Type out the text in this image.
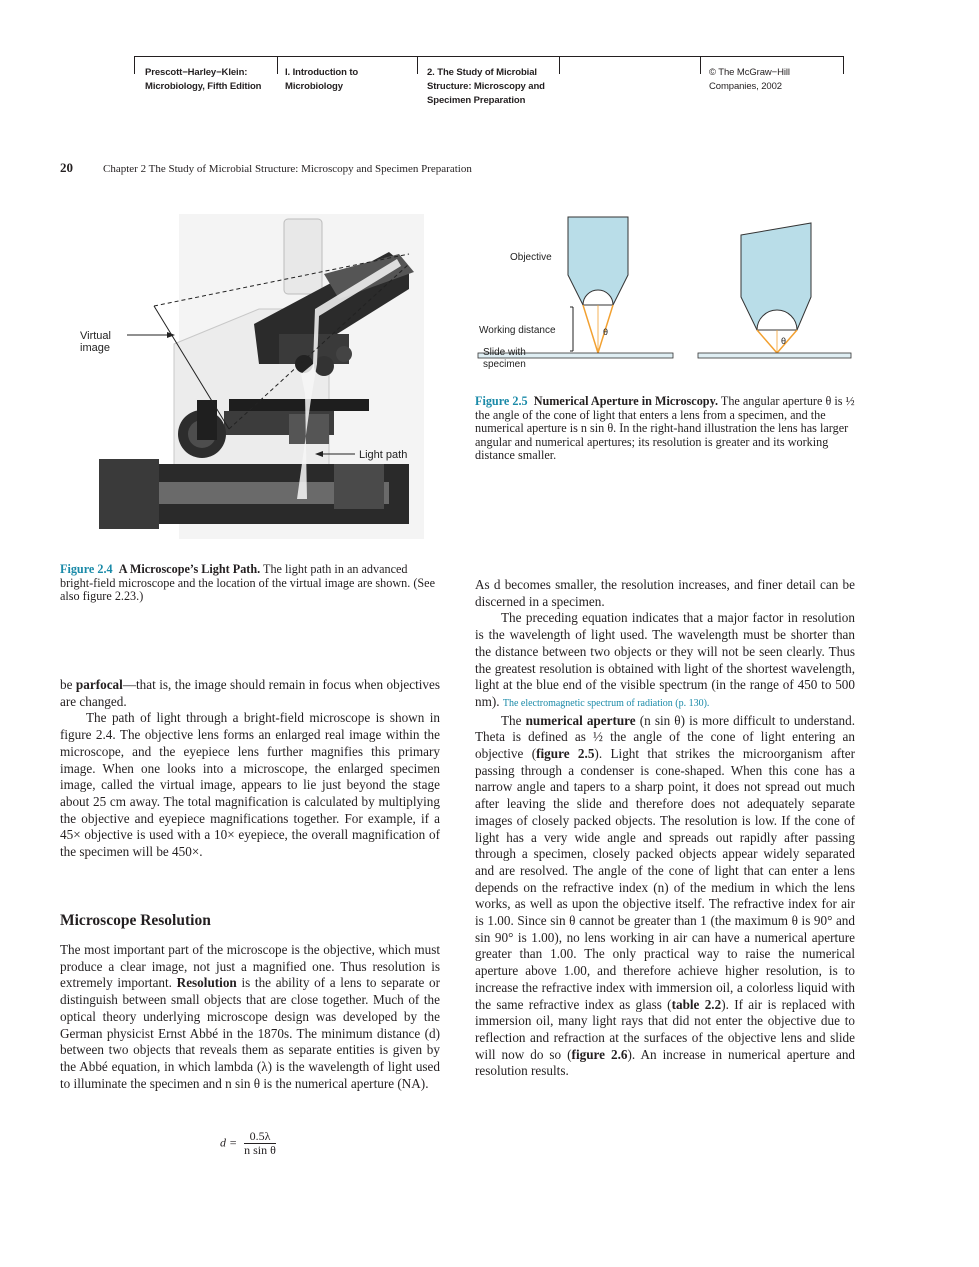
Prescott−Harley−Klein:
Microbiology, Fifth Edition
I. Introduction to
Microbiology
2. The Study of Microbial
Structure: Microscopy and
Specimen Preparation
© The McGraw−Hill
Companies, 2002
20	Chapter 2 The Study of Microbial Structure: Microscopy and Specimen Preparation
Virtual image
Light path
θ
Objective
Working distance
Slide with specimen
θ
Figure 2.5 Numerical Aperture in Microscopy. The angular aperture θ is ½ the angle of the cone of light that enters a lens from a specimen, and the numerical aperture is n sin θ. In the right-hand illustration the lens has larger angular and numerical apertures; its resolution is greater and its working distance smaller.
Figure 2.4 A Microscope’s Light Path. The light path in an advanced bright-field microscope and the location of the virtual image are shown. (See also figure 2.23.)

be parfocal—that is, the image should remain in focus when objectives are changed.

The path of light through a bright-field microscope is shown in figure 2.4. The objective lens forms an enlarged real image within the microscope, and the eyepiece lens further magnifies this primary image. When one looks into a microscope, the enlarged specimen image, called the virtual image, appears to lie just beyond the stage about 25 cm away. The total magnification is calculated by multiplying the objective and eyepiece magnifications together. For example, if a 45× objective is used with a 10× eyepiece, the overall magnification of the specimen will be 450×.

Microscope Resolution

The most important part of the microscope is the objective, which must produce a clear image, not just a magnified one. Thus resolution is extremely important. Resolution is the ability of a lens to separate or distinguish between small objects that are close together. Much of the optical theory underlying microscope design was developed by the German physicist Ernst Abbé in the 1870s. The minimum distance (d) between two objects that reveals them as separate entities is given by the Abbé equation, in which lambda (λ) is the wavelength of light used to illuminate the specimen and n sin θ is the numerical aperture (NA).

$d = \frac{0.5\lambda}{\text{n sin θ}}$

As d becomes smaller, the resolution increases, and finer detail can be discerned in a specimen.

The preceding equation indicates that a major factor in resolution is the wavelength of light used. The wavelength must be shorter than the distance between two objects or they will not be seen clearly. Thus the greatest resolution is obtained with light of the shortest wavelength, light at the blue end of the visible spectrum (in the range of 450 to 500 nm). The electromagnetic spectrum of radiation (p. 130).

The numerical aperture (n sin θ) is more difficult to understand. Theta is defined as ½ the angle of the cone of light entering an objective (figure 2.5). Light that strikes the microorganism after passing through a condenser is cone-shaped. When this cone has a narrow angle and tapers to a sharp point, it does not spread out much after leaving the slide and therefore does not adequately separate images of closely packed objects. The resolution is low. If the cone of light has a very wide angle and spreads out rapidly after passing through a specimen, closely packed objects appear widely separated and are resolved. The angle of the cone of light that can enter a lens depends on the refractive index (n) of the medium in which the lens works, as well as upon the objective itself. The refractive index for air is 1.00. Since sin θ cannot be greater than 1 (the maximum θ is 90° and sin 90° is 1.00), no lens working in air can have a numerical aperture greater than 1.00. The only practical way to raise the numerical aperture above 1.00, and therefore achieve higher resolution, is to increase the refractive index with immersion oil, a colorless liquid with the same refractive index as glass (table 2.2). If air is replaced with immersion oil, many light rays that did not enter the objective due to reflection and refraction at the surfaces of the objective lens and slide will now do so (figure 2.6). An increase in numerical aperture and resolution results.
